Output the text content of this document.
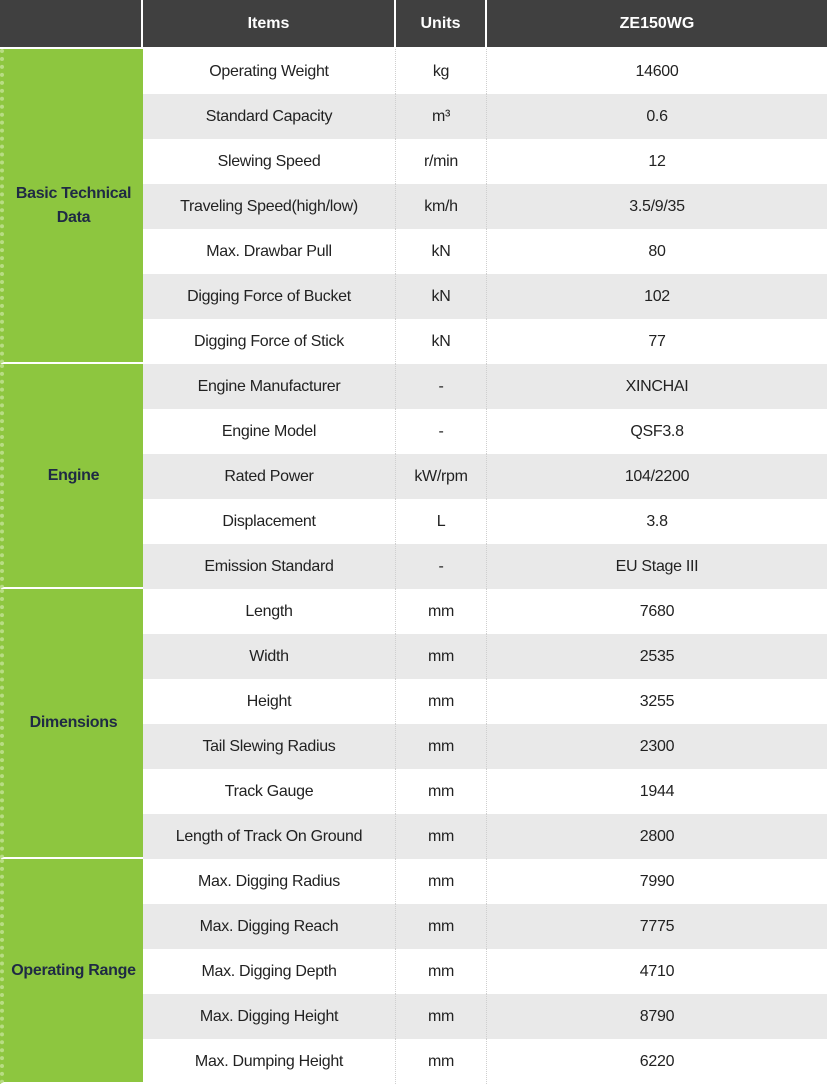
	Items	Units	ZE150WG
Basic Technical Data	Operating Weight	kg	14600
	Standard Capacity	m³	0.6
	Slewing Speed	r/min	12
	Traveling Speed(high/low)	km/h	3.5/9/35
	Max. Drawbar Pull	kN	80
	Digging Force of Bucket	kN	102
	Digging Force of Stick	kN	77
Engine	Engine Manufacturer	-	XINCHAI
	Engine Model	-	QSF3.8
	Rated Power	kW/rpm	104/2200
	Displacement	L	3.8
	Emission Standard	-	EU Stage III
Dimensions	Length	mm	7680
	Width	mm	2535
	Height	mm	3255
	Tail Slewing Radius	mm	2300
	Track Gauge	mm	1944
	Length of Track On Ground	mm	2800
Operating Range	Max. Digging Radius	mm	7990
	Max. Digging Reach	mm	7775
	Max. Digging Depth	mm	4710
	Max. Digging Height	mm	8790
	Max. Dumping Height	mm	6220
